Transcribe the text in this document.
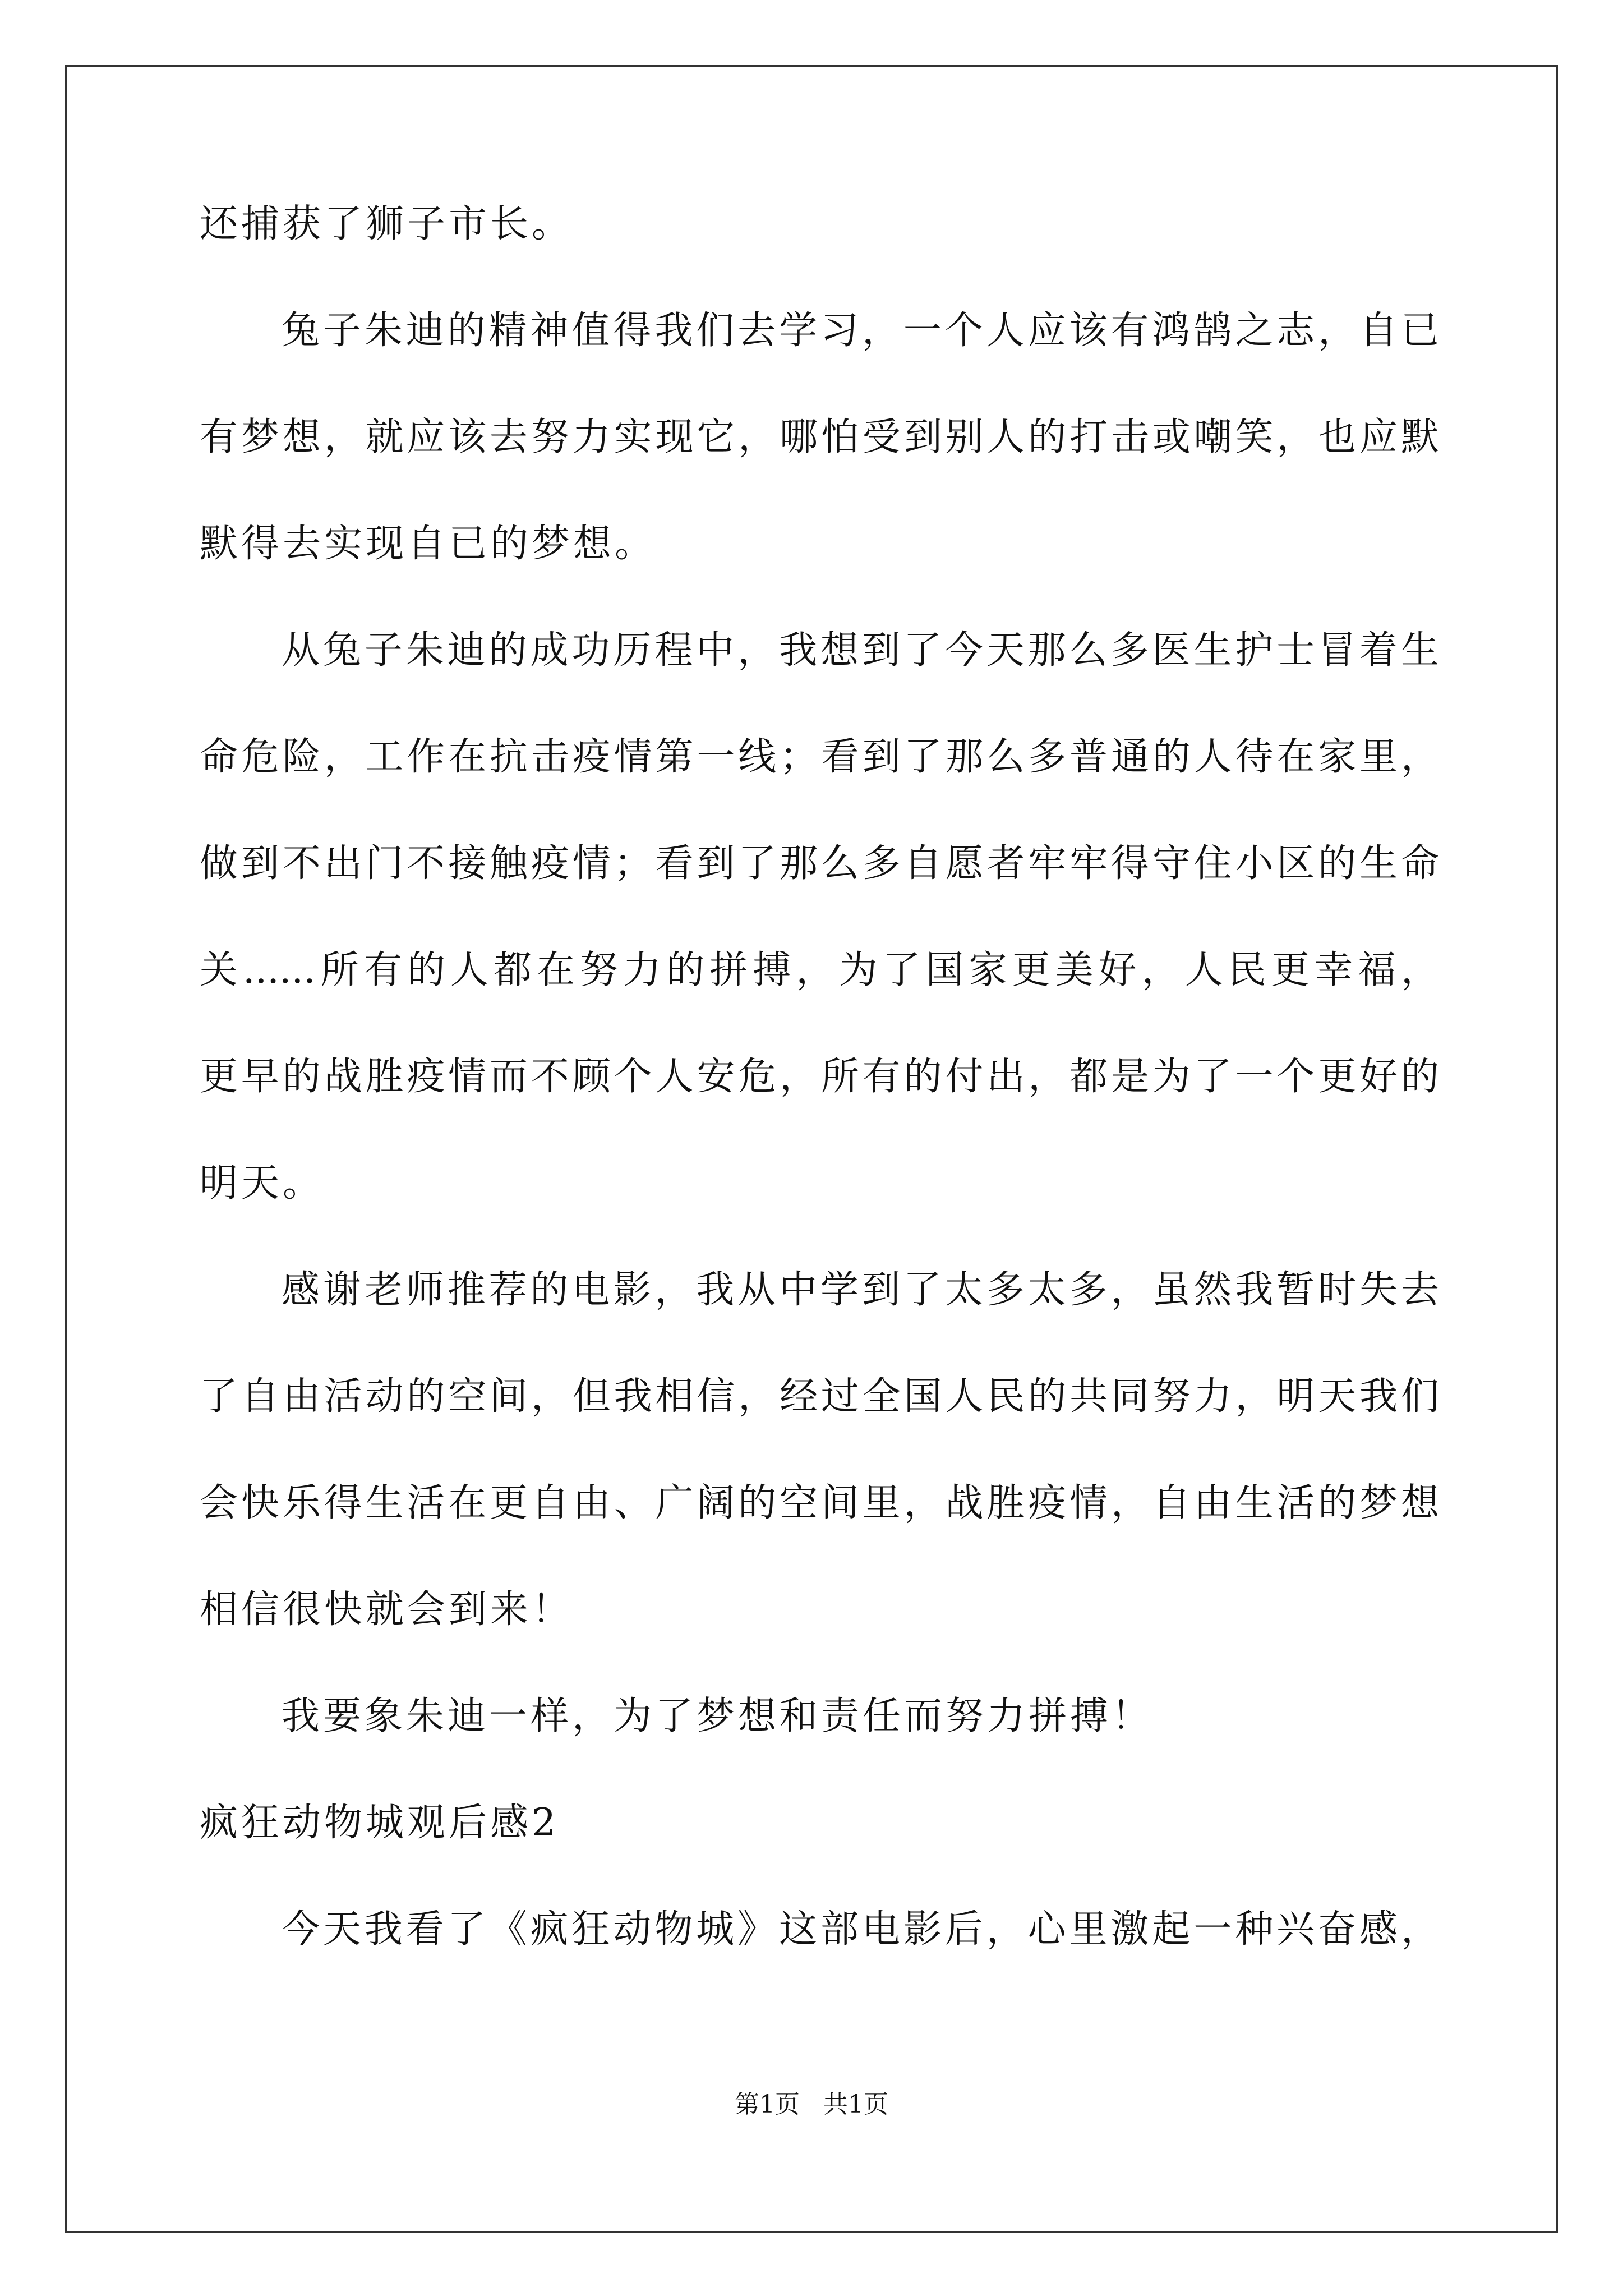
还捕获了狮子市长。
兔子朱迪的精神值得我们去学习，一个人应该有鸿鹄之志，自已
有梦想，就应该去努力实现它，哪怕受到别人的打击或嘲笑，也应默
默得去实现自已的梦想。
从兔子朱迪的成功历程中，我想到了今天那么多医生护士冒着生
命危险，工作在抗击疫情第一线；看到了那么多普通的人待在家里，
做到不出门不接触疫情；看到了那么多自愿者牢牢得守住小区的生命
关......所有的人都在努力的拼搏，为了国家更美好，人民更幸福，
更早的战胜疫情而不顾个人安危，所有的付出，都是为了一个更好的
明天。
感谢老师推荐的电影，我从中学到了太多太多，虽然我暂时失去
了自由活动的空间，但我相信，经过全国人民的共同努力，明天我们
会快乐得生活在更自由、广阔的空间里，战胜疫情，自由生活的梦想
相信很快就会到来！
我要象朱迪一样，为了梦想和责任而努力拼搏！
疯狂动物城观后感2
今天我看了《疯狂动物城》这部电影后，心里激起一种兴奋感，
第1页 共1页
